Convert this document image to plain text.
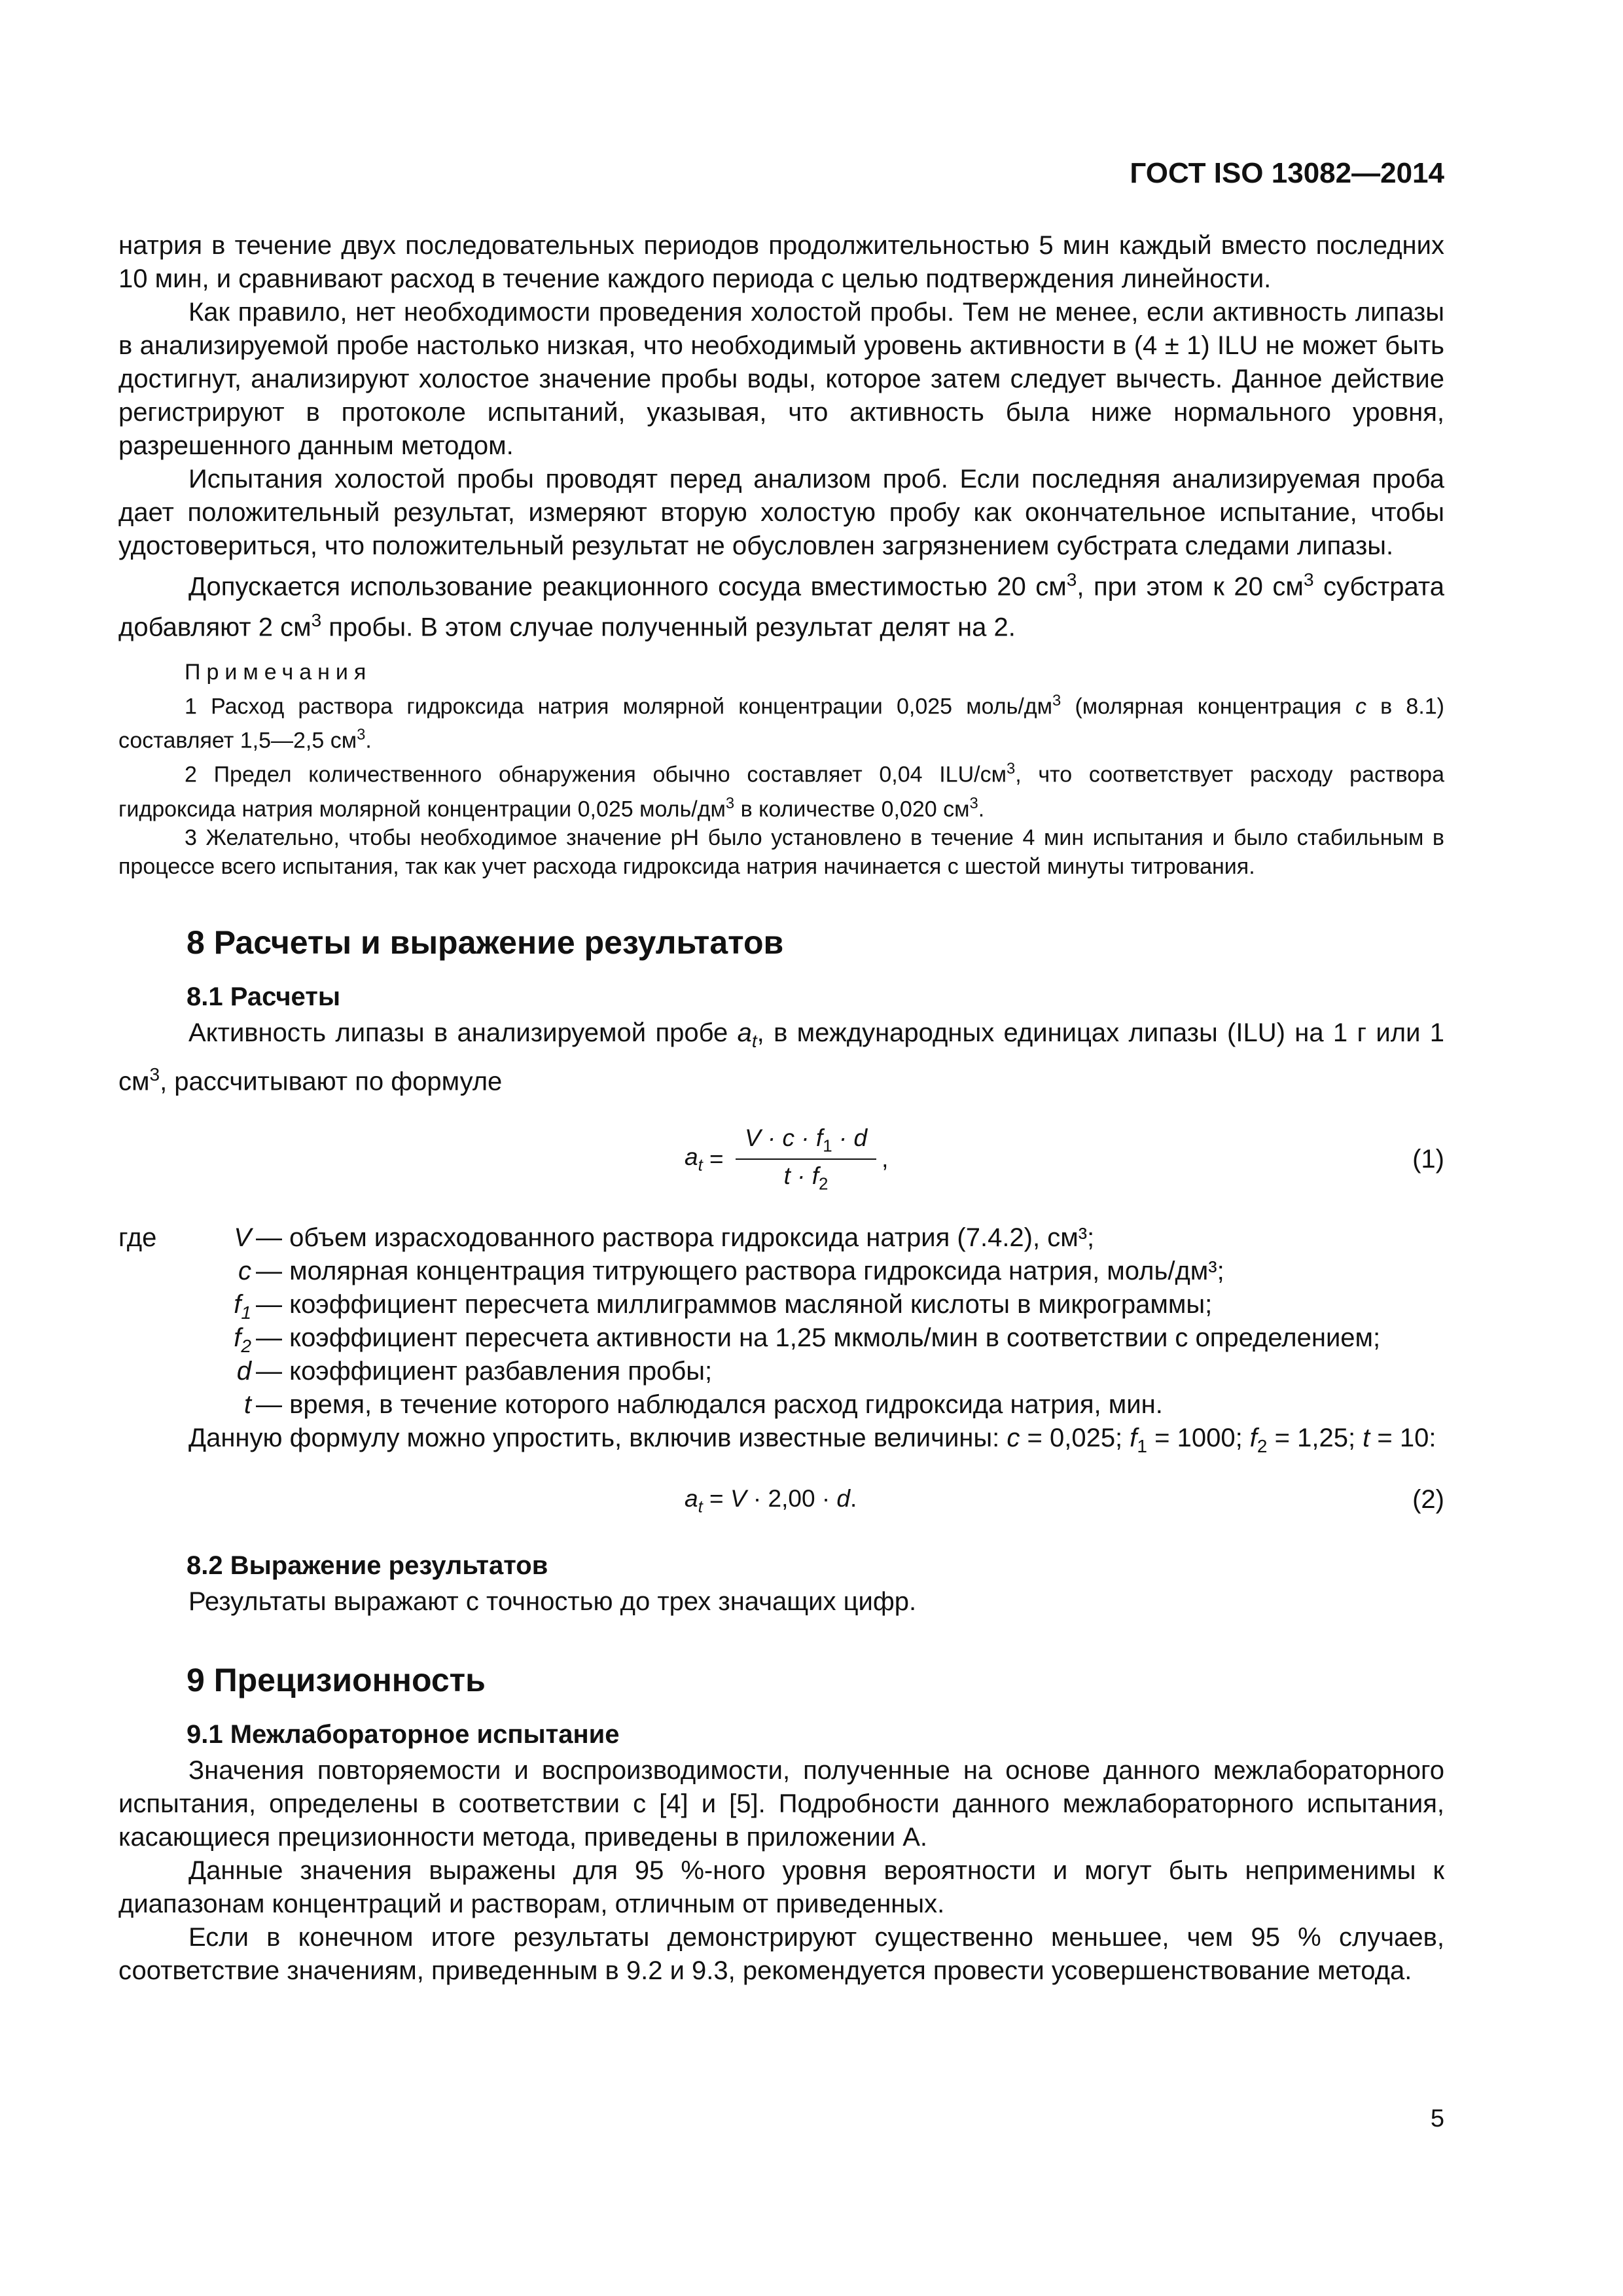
ГОСТ ISO 13082—2014

натрия в течение двух последовательных периодов продолжительностью 5 мин каждый вместо последних 10 мин, и сравнивают расход в течение каждого периода с целью подтверждения линейности.

Как правило, нет необходимости проведения холостой пробы. Тем не менее, если активность липазы в анализируемой пробе настолько низкая, что необходимый уровень активности в (4 ± 1) ILU не может быть достигнут, анализируют холостое значение пробы воды, которое затем следует вычесть. Данное действие регистрируют в протоколе испытаний, указывая, что активность была ниже нормального уровня, разрешенного данным методом.

Испытания холостой пробы проводят перед анализом проб. Если последняя анализируемая проба дает положительный результат, измеряют вторую холостую пробу как окончательное испытание, чтобы удостовериться, что положительный результат не обусловлен загрязнением субстрата следами липазы.

Допускается использование реакционного сосуда вместимостью 20 $см^3$, при этом к 20 $см^3$ субстрата добавляют 2 $см^3$ пробы. В этом случае полученный результат делят на 2.

Примечания

1 Расход раствора гидроксида натрия молярной концентрации 0,025 моль/$дм^3$ (молярная концентрация c в 8.1) составляет 1,5—2,5 $см^3$.

2 Предел количественного обнаружения обычно составляет 0,04 ILU/$см^3$, что соответствует расходу раствора гидроксида натрия молярной концентрации 0,025 моль/$дм^3$ в количестве 0,020 $см^3$.

3 Желательно, чтобы необходимое значение pH было установлено в течение 4 мин испытания и было стабильным в процессе всего испытания, так как учет расхода гидроксида натрия начинается с шестой минуты титрования.

8 Расчеты и выражение результатов
8.1 Расчеты

Активность липазы в анализируемой пробе $a_t$, в международных единицах липазы (ILU) на 1 г или 1 $см^3$, рассчитывают по формуле

$a_t = \frac{V \cdot c \cdot f_1 \cdot d}{t \cdot f_2}$ ,	(1)
где	V — объем израсходованного раствора гидроксида натрия (7.4.2), см³;
c — молярная концентрация титрующего раствора гидроксида натрия, моль/дм³;
$f_1$ — коэффициент пересчета миллиграммов масляной кислоты в микрограммы;
$f_2$ — коэффициент пересчета активности на 1,25 мкмоль/мин в соответствии с определением;
d — коэффициент разбавления пробы;
t — время, в течение которого наблюдался расход гидроксида натрия, мин.

Данную формулу можно упростить, включив известные величины: c = 0,025; $f_1 = 1000$; $f_2 = 1,25$; t = 10:

$a_t = V \cdot 2,00 \cdot d$.	(2)
8.2 Выражение результатов

Результаты выражают с точностью до трех значащих цифр.

9 Прецизионность
9.1 Межлабораторное испытание

Значения повторяемости и воспроизводимости, полученные на основе данного межлабораторного испытания, определены в соответствии с [4] и [5]. Подробности данного межлабораторного испытания, касающиеся прецизионности метода, приведены в приложении А.

Данные значения выражены для 95 %-ного уровня вероятности и могут быть неприменимы к диапазонам концентраций и растворам, отличным от приведенных.

Если в конечном итоге результаты демонстрируют существенно меньшее, чем 95 % случаев, соответствие значениям, приведенным в 9.2 и 9.3, рекомендуется провести усовершенствование метода.

5
